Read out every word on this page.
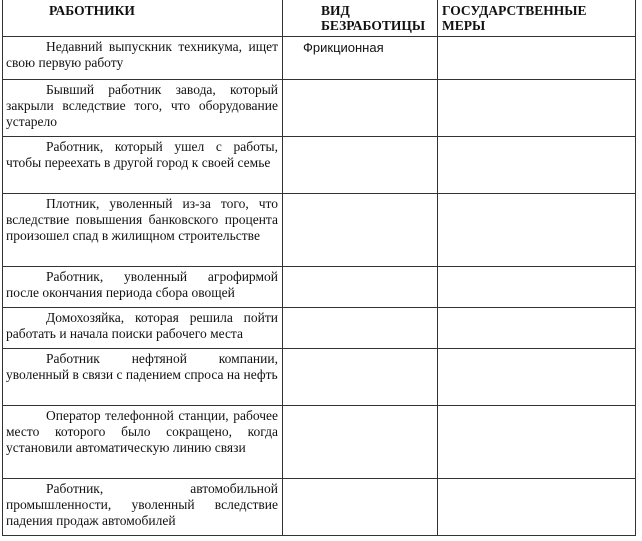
РАБОТНИКИ	ВИД БЕЗРАБОТИЦЫ	ГОСУДАРСТВЕННЫЕ МЕРЫ
Недавний выпускник техникума, ищет свою первую работу	Фрикционная	
Бывший работник завода, который закрыли вследствие того, что оборудование устарело		
Работник, который ушел с работы, чтобы переехать в другой город к своей семье		
Плотник, уволенный из-за того, что вследствие повышения банковского процента произошел спад в жилищном строительстве		
Работник, уволенный агрофирмой после окончания периода сбора овощей		
Домохозяйка, которая решила пойти работать и начала поиски рабочего места		
Работник нефтяной компании, уволенный в связи с падением спроса на нефть		
Оператор телефонной станции, рабочее место которого было сокращено, когда установили автоматическую линию связи		
Работник, автомобильной промышленности, уволенный вследствие падения продаж автомобилей		
